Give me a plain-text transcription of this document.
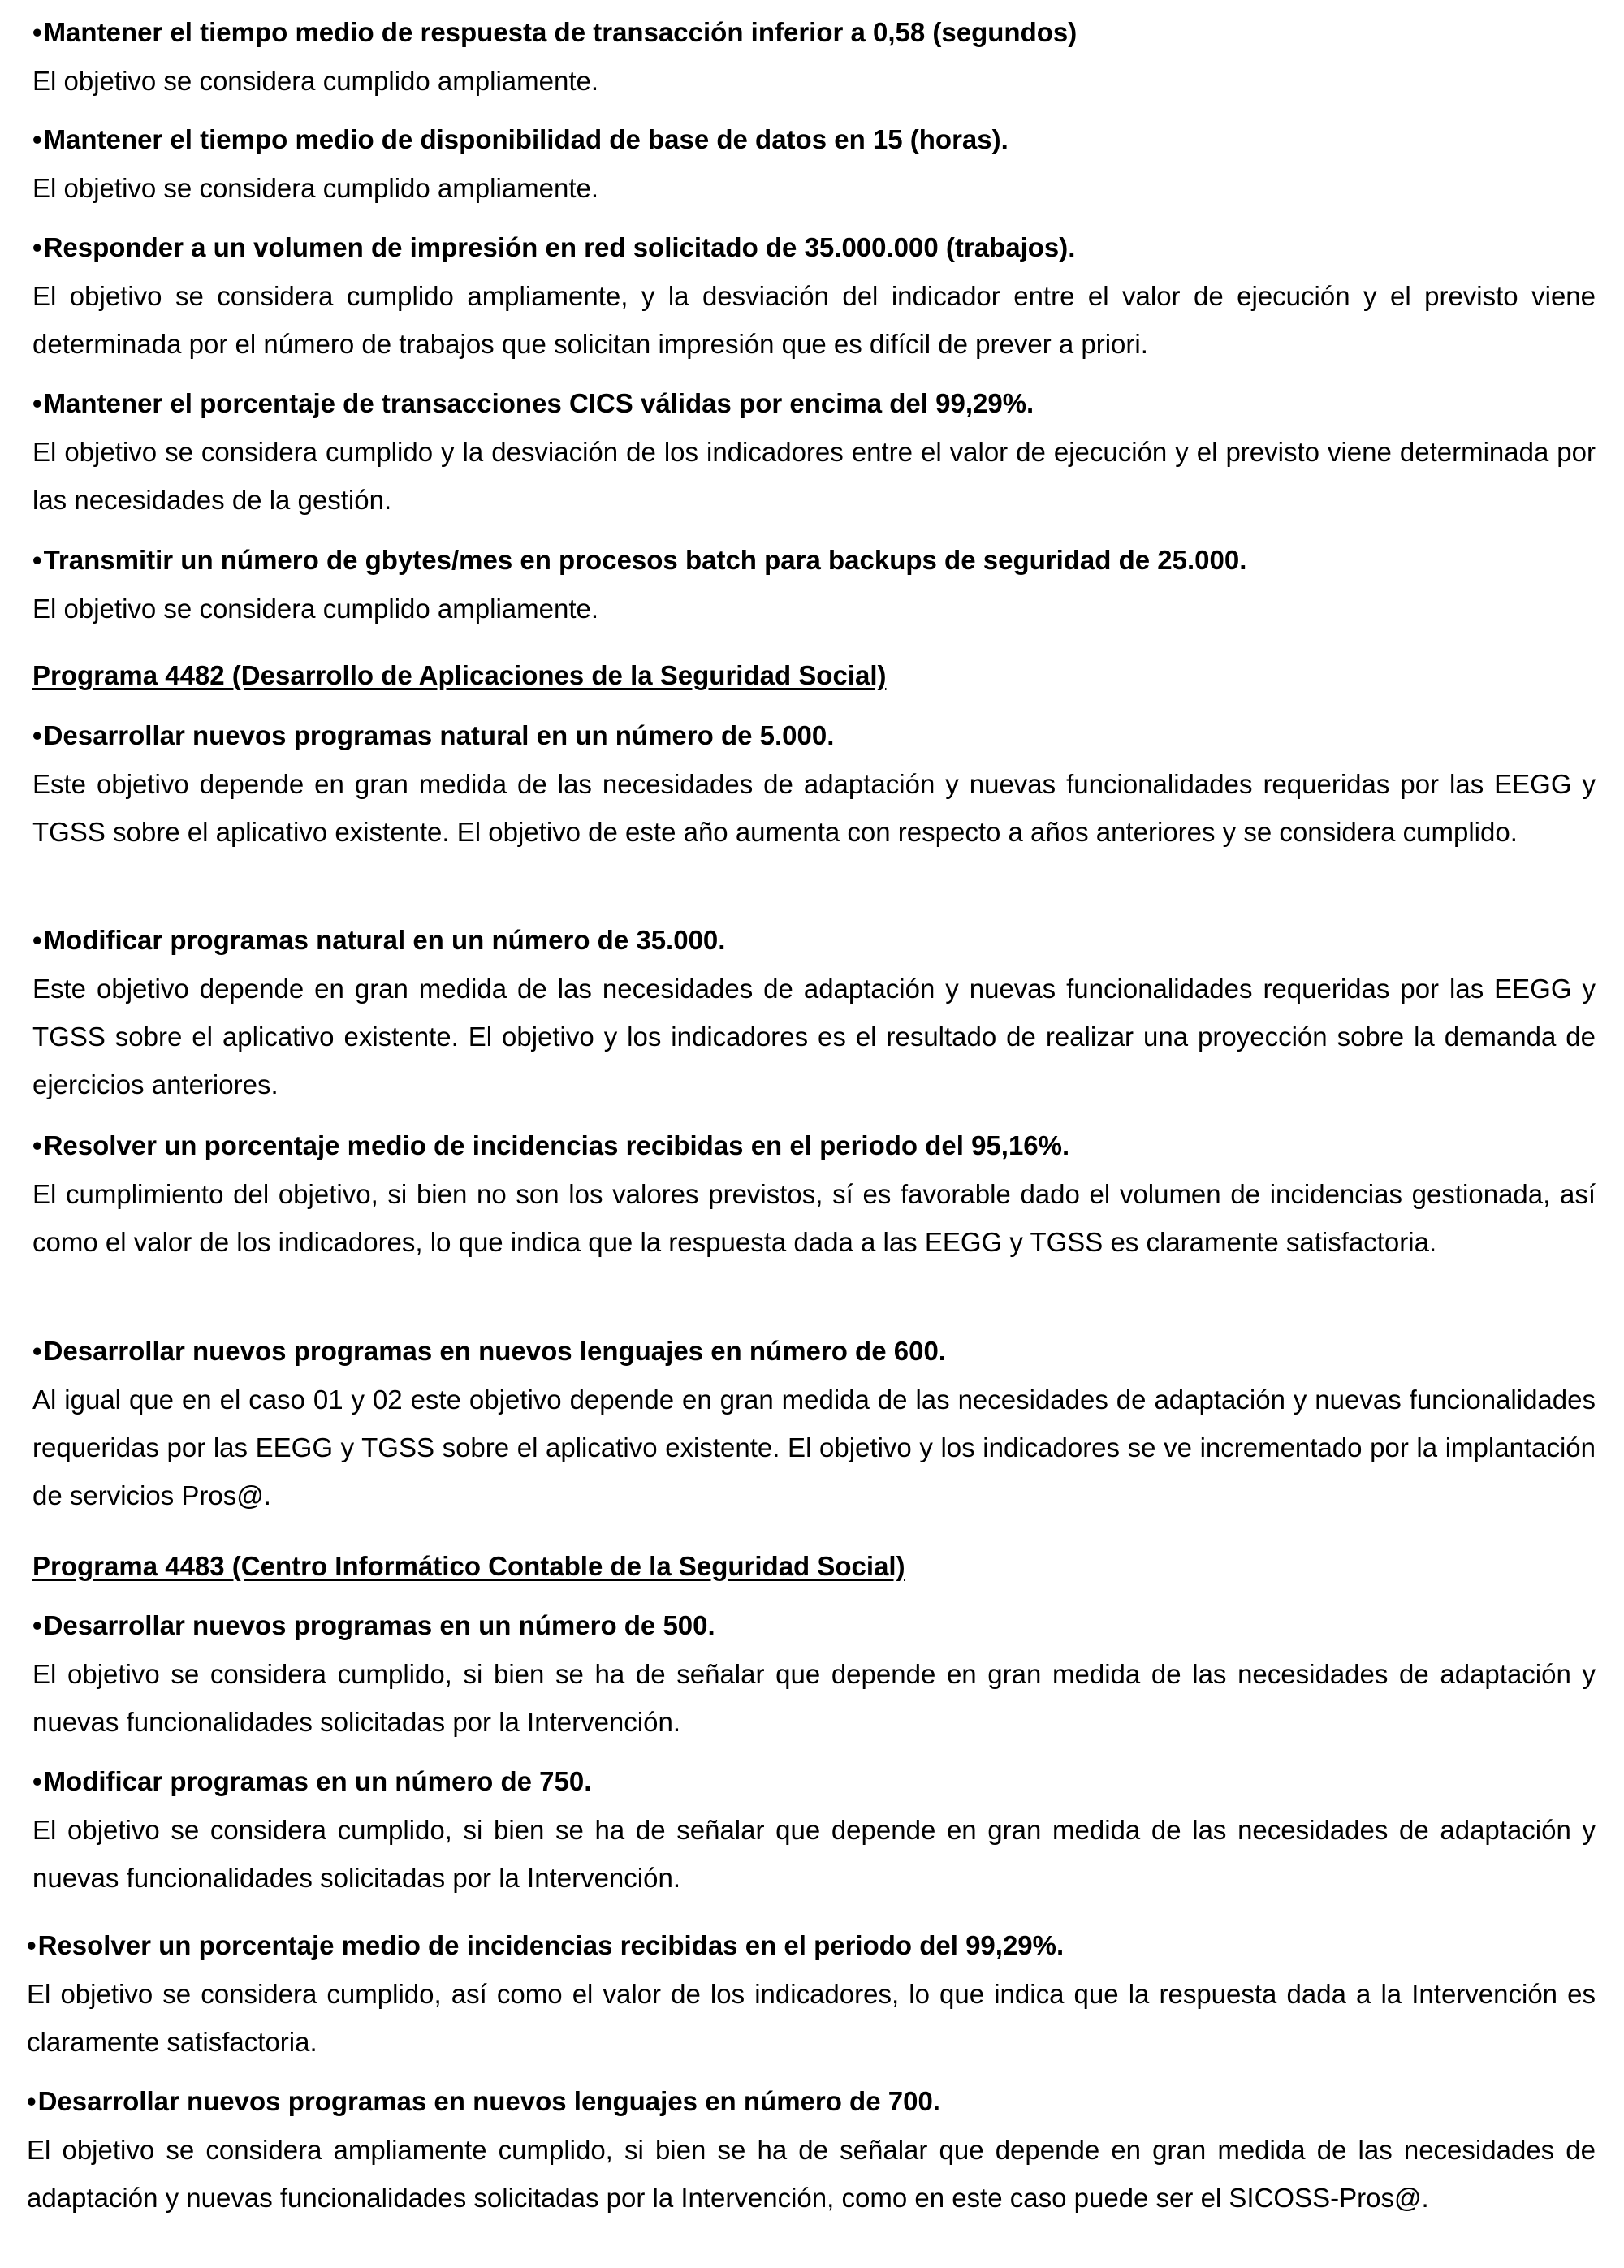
•Mantener el tiempo medio de respuesta de transacción inferior a 0,58 (segundos)

El objetivo se considera cumplido ampliamente.

•Mantener el tiempo medio de disponibilidad de base de datos en 15 (horas).

El objetivo se considera cumplido ampliamente.

•Responder a un volumen de impresión en red solicitado de 35.000.000 (trabajos).

El objetivo se considera cumplido ampliamente, y la desviación del indicador entre el valor de ejecución y el previsto viene determinada por el número de trabajos que solicitan impresión que es difícil de prever a priori.

•Mantener el porcentaje de transacciones CICS válidas por encima del 99,29%.

El objetivo se considera cumplido y la desviación de los indicadores entre el valor de ejecución y el previsto viene determinada por las necesidades de la gestión.

•Transmitir un número de gbytes/mes en procesos batch para backups de seguridad de 25.000.

El objetivo se considera cumplido ampliamente.

Programa 4482 (Desarrollo de Aplicaciones de la Seguridad Social)

•Desarrollar nuevos programas natural en un número de 5.000.

Este objetivo depende en gran medida de las necesidades de adaptación y nuevas funcionalidades requeridas por las EEGG y TGSS sobre el aplicativo existente. El objetivo de este año aumenta con respecto a años anteriores y se considera cumplido.

•Modificar programas natural en un número de 35.000.

Este objetivo depende en gran medida de las necesidades de adaptación y nuevas funcionalidades requeridas por las EEGG y TGSS sobre el aplicativo existente. El objetivo y los indicadores es el resultado de realizar una proyección sobre la demanda de ejercicios anteriores.

•Resolver un porcentaje medio de incidencias recibidas en el periodo del 95,16%.

El cumplimiento del objetivo, si bien no son los valores previstos, sí es favorable dado el volumen de incidencias gestionada, así como el valor de los indicadores, lo que indica que la respuesta dada a las EEGG y TGSS es claramente satisfactoria.

•Desarrollar nuevos programas en nuevos lenguajes en número de 600.

Al igual que en el caso 01 y 02 este objetivo depende en gran medida de las necesidades de adaptación y nuevas funcionalidades requeridas por las EEGG y TGSS sobre el aplicativo existente. El objetivo y los indicadores se ve incrementado por la implantación de servicios Pros@.

Programa 4483 (Centro Informático Contable de la Seguridad Social)

•Desarrollar nuevos programas en un número de 500.

El objetivo se considera cumplido, si bien se ha de señalar que depende en gran medida de las necesidades de adaptación y nuevas funcionalidades solicitadas por la Intervención.

•Modificar programas en un número de 750.

El objetivo se considera cumplido, si bien se ha de señalar que depende en gran medida de las necesidades de adaptación y nuevas funcionalidades solicitadas por la Intervención.

•Resolver un porcentaje medio de incidencias recibidas en el periodo del 99,29%.

El objetivo se considera cumplido, así como el valor de los indicadores, lo que indica que la respuesta dada a la Intervención es claramente satisfactoria.

•Desarrollar nuevos programas en nuevos lenguajes en número de 700.

El objetivo se considera ampliamente cumplido, si bien se ha de señalar que depende en gran medida de las necesidades de adaptación y nuevas funcionalidades solicitadas por la Intervención, como en este caso puede ser el SICOSS-Pros@.
